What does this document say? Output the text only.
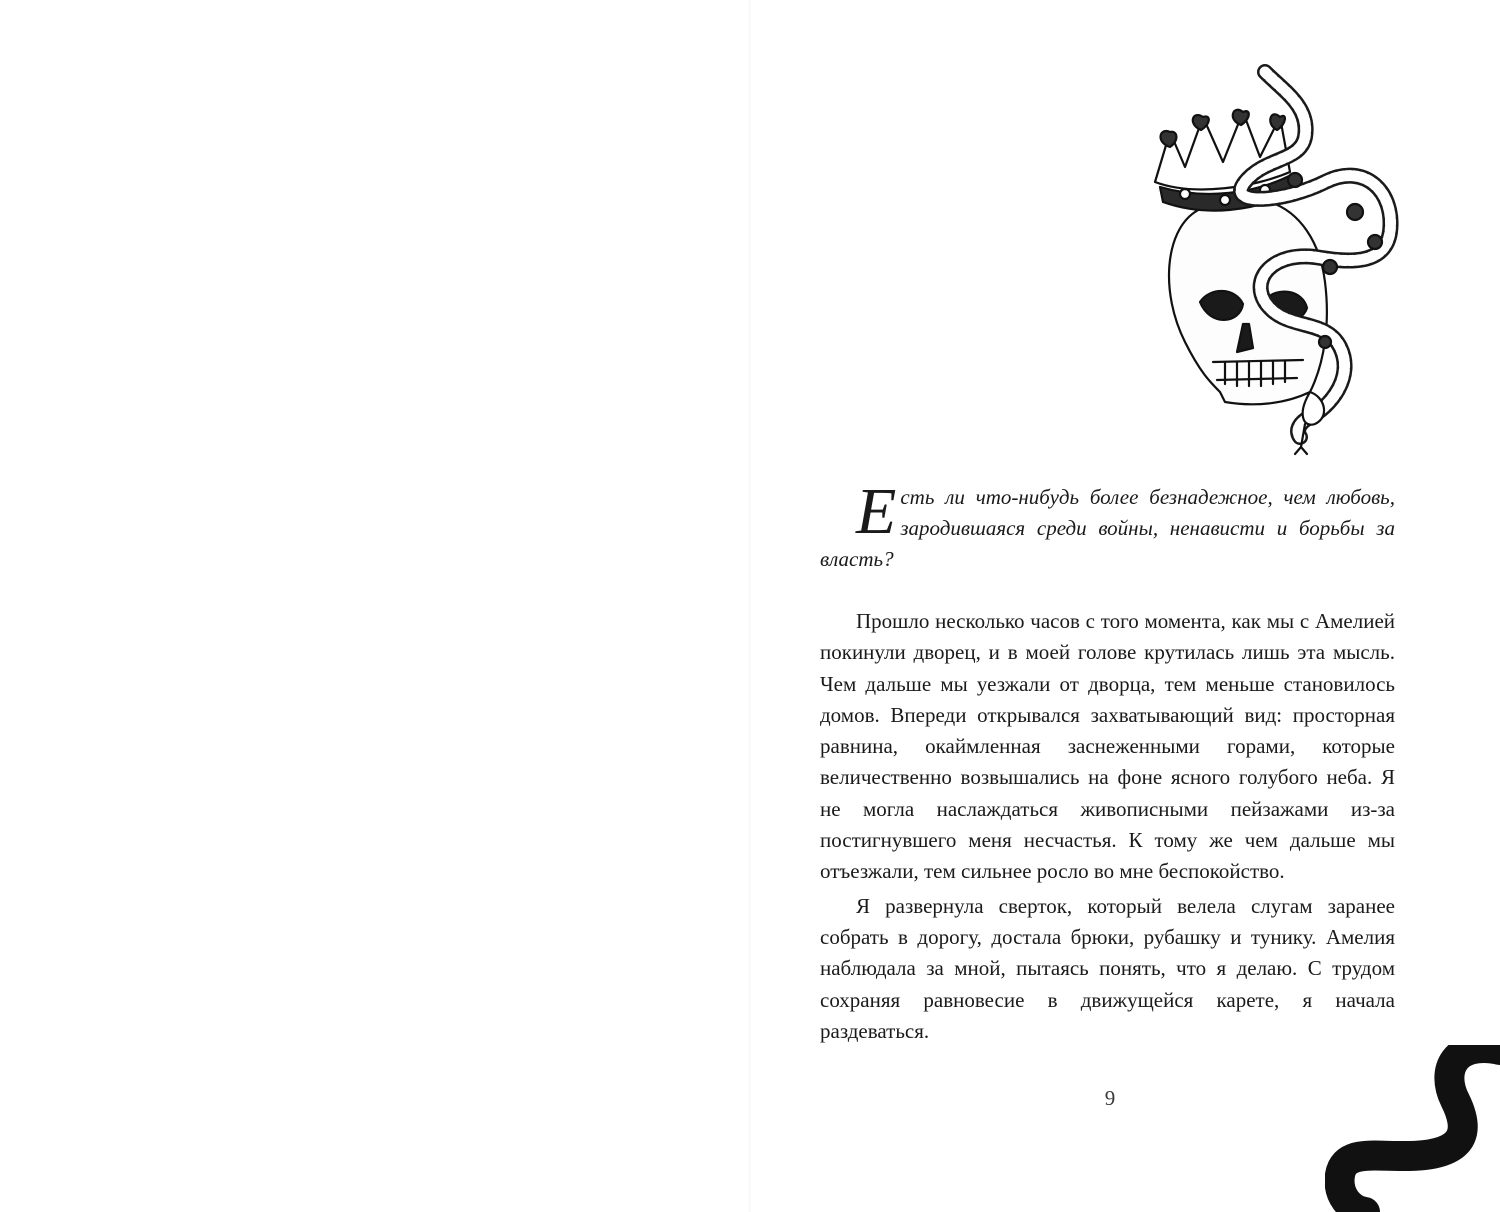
Есть ли что-нибудь более безнадежное, чем любовь, зародившаяся среди войны, ненависти и борьбы за власть?

Прошло несколько часов с того момента, как мы с Амелией покинули дворец, и в моей голове крутилась лишь эта мысль. Чем дальше мы уезжали от дворца, тем меньше становилось домов. Впереди открывался захватывающий вид: просторная равнина, окаймленная заснеженными горами, которые величественно возвышались на фоне ясного голубого неба. Я не могла наслаждаться живописными пейзажами из-за постигнувшего меня несчастья. К тому же чем дальше мы отъезжали, тем сильнее росло во мне беспокойство.

Я развернула сверток, который велела слугам заранее собрать в дорогу, достала брюки, рубашку и тунику. Амелия наблюдала за мной, пытаясь понять, что я делаю. С трудом сохраняя равновесие в движущейся карете, я начала раздеваться.

9
